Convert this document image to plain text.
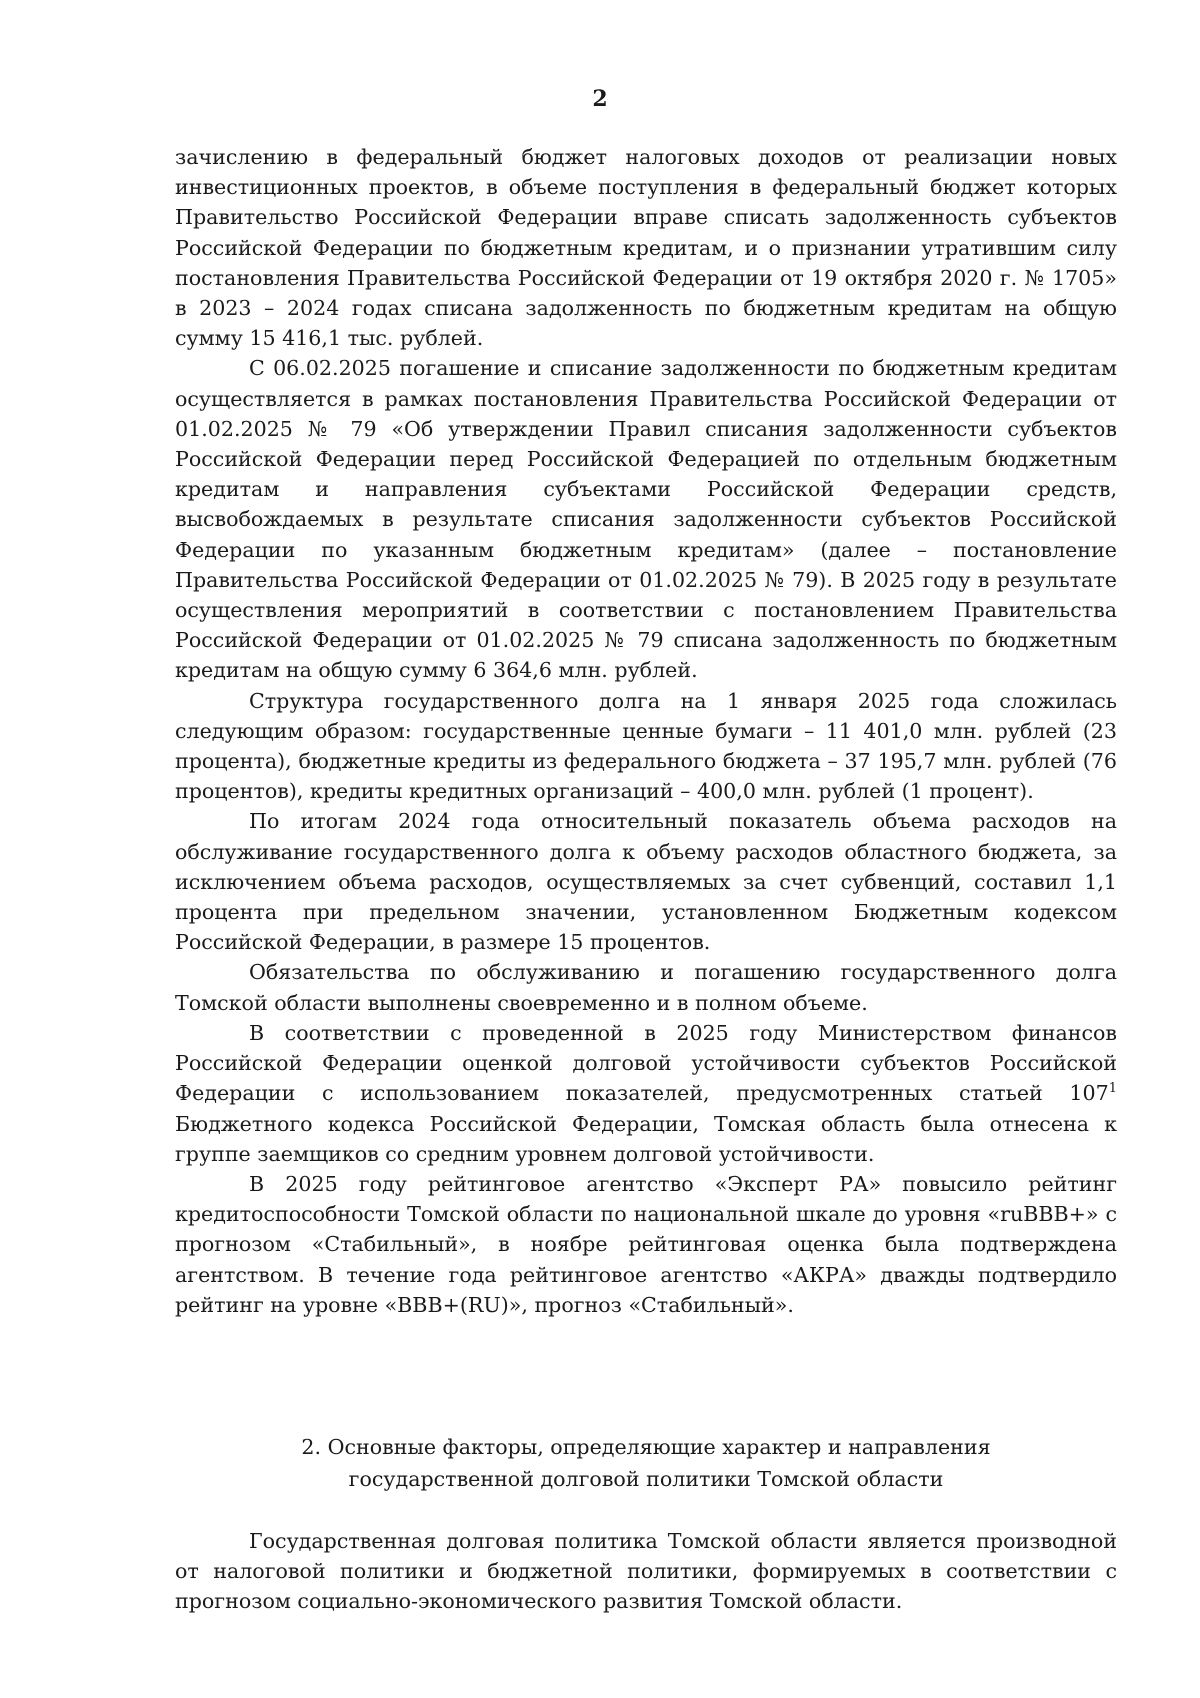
2

зачислению в федеральный бюджет налоговых доходов от реализации новых инвестиционных проектов, в объеме поступления в федеральный бюджет которых Правительство Российской Федерации вправе списать задолженность субъектов Российской Федерации по бюджетным кредитам, и о признании утратившим силу постановления Правительства Российской Федерации от 19 октября 2020 г. № 1705» в 2023 – 2024 годах списана задолженность по бюджетным кредитам на общую сумму 15 416,1 тыс. рублей.

С 06.02.2025 погашение и списание задолженности по бюджетным кредитам осуществляется в рамках постановления Правительства Российской Федерации от 01.02.2025 № 79 «Об утверждении Правил списания задолженности субъектов Российской Федерации перед Российской Федерацией по отдельным бюджетным кредитам и направления субъектами Российской Федерации средств, высвобождаемых в результате списания задолженности субъектов Российской Федерации по указанным бюджетным кредитам» (далее – постановление Правительства Российской Федерации от 01.02.2025 № 79). В 2025 году в результате осуществления мероприятий в соответствии с постановлением Правительства Российской Федерации от 01.02.2025 № 79 списана задолженность по бюджетным кредитам на общую сумму 6 364,6 млн. рублей.

Структура государственного долга на 1 января 2025 года сложилась следующим образом: государственные ценные бумаги – 11 401,0 млн. рублей (23 процента), бюджетные кредиты из федерального бюджета – 37 195,7 млн. рублей (76 процентов), кредиты кредитных организаций – 400,0 млн. рублей (1 процент).

По итогам 2024 года относительный показатель объема расходов на обслуживание государственного долга к объему расходов областного бюджета, за исключением объема расходов, осуществляемых за счет субвенций, составил 1,1 процента при предельном значении, установленном Бюджетным кодексом Российской Федерации, в размере 15 процентов.

Обязательства по обслуживанию и погашению государственного долга Томской области выполнены своевременно и в полном объеме.

В соответствии с проведенной в 2025 году Министерством финансов Российской Федерации оценкой долговой устойчивости субъектов Российской Федерации с использованием показателей, предусмотренных статьей $107^1$ Бюджетного кодекса Российской Федерации, Томская область была отнесена к группе заемщиков со средним уровнем долговой устойчивости.

В 2025 году рейтинговое агентство «Эксперт РА» повысило рейтинг кредитоспособности Томской области по национальной шкале до уровня «ruBBB+» с прогнозом «Стабильный», в ноябре рейтинговая оценка была подтверждена агентством. В течение года рейтинговое агентство «АКРА» дважды подтвердило рейтинг на уровне «BBB+(RU)», прогноз «Стабильный».

2. Основные факторы, определяющие характер и направления
государственной долговой политики Томской области

Государственная долговая политика Томской области является производной от налоговой политики и бюджетной политики, формируемых в соответствии с прогнозом социально-экономического развития Томской области.
